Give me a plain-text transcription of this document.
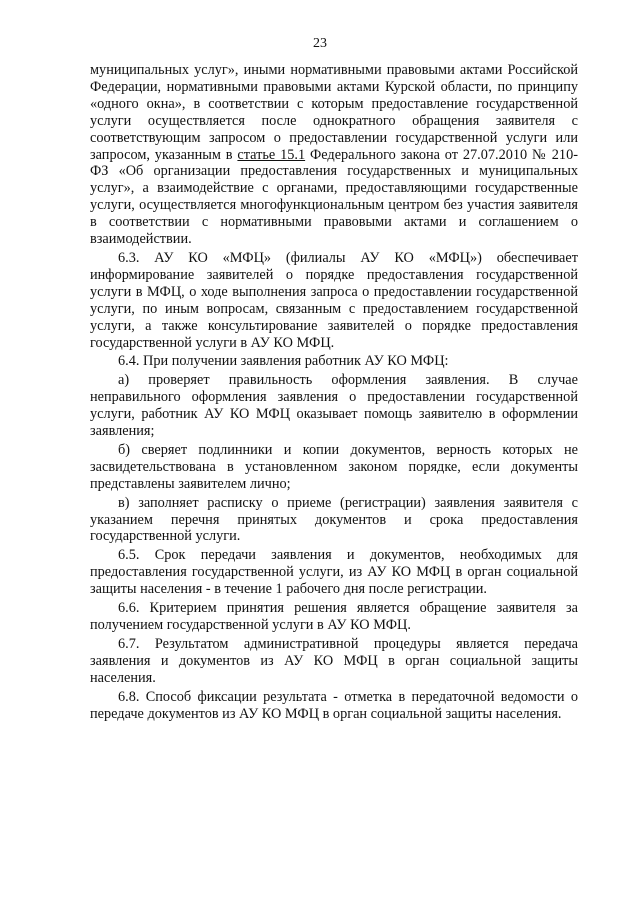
23

муниципальных услуг», иными нормативными правовыми актами Российской Федерации, нормативными правовыми актами Курской области, по принципу «одного окна», в соответствии с которым предоставление государственной услуги осуществляется после однократного обращения заявителя с соответствующим запросом о предоставлении государственной услуги или запросом, указанным в статье 15.1 Федерального закона от 27.07.2010 № 210-ФЗ «Об организации предоставления государственных и муниципальных услуг», а взаимодействие с органами, предоставляющими государственные услуги, осуществляется многофункциональным центром без участия заявителя в соответствии с нормативными правовыми актами и соглашением о взаимодействии.

6.3. АУ КО «МФЦ» (филиалы АУ КО «МФЦ») обеспечивает информирование заявителей о порядке предоставления государственной услуги в МФЦ, о ходе выполнения запроса о предоставлении государственной услуги, по иным вопросам, связанным с предоставлением государственной услуги, а также консультирование заявителей о порядке предоставления государственной услуги в АУ КО МФЦ.

6.4. При получении заявления работник АУ КО МФЦ:

а) проверяет правильность оформления заявления. В случае неправильного оформления заявления о предоставлении государственной услуги, работник АУ КО МФЦ оказывает помощь заявителю в оформлении заявления;

б) сверяет подлинники и копии документов, верность которых не засвидетельствована в установленном законом порядке, если документы представлены заявителем лично;

в) заполняет расписку о приеме (регистрации) заявления заявителя с указанием перечня принятых документов и срока предоставления государственной услуги.

6.5. Срок передачи заявления и документов, необходимых для предоставления государственной услуги, из АУ КО МФЦ в орган социальной защиты населения - в течение 1 рабочего дня после регистрации.

6.6. Критерием принятия решения является обращение заявителя за получением государственной услуги в АУ КО МФЦ.

6.7. Результатом административной процедуры является передача заявления и документов из АУ КО МФЦ в орган социальной защиты населения.

6.8. Способ фиксации результата - отметка в передаточной ведомости о передаче документов из АУ КО МФЦ в орган социальной защиты населения.
